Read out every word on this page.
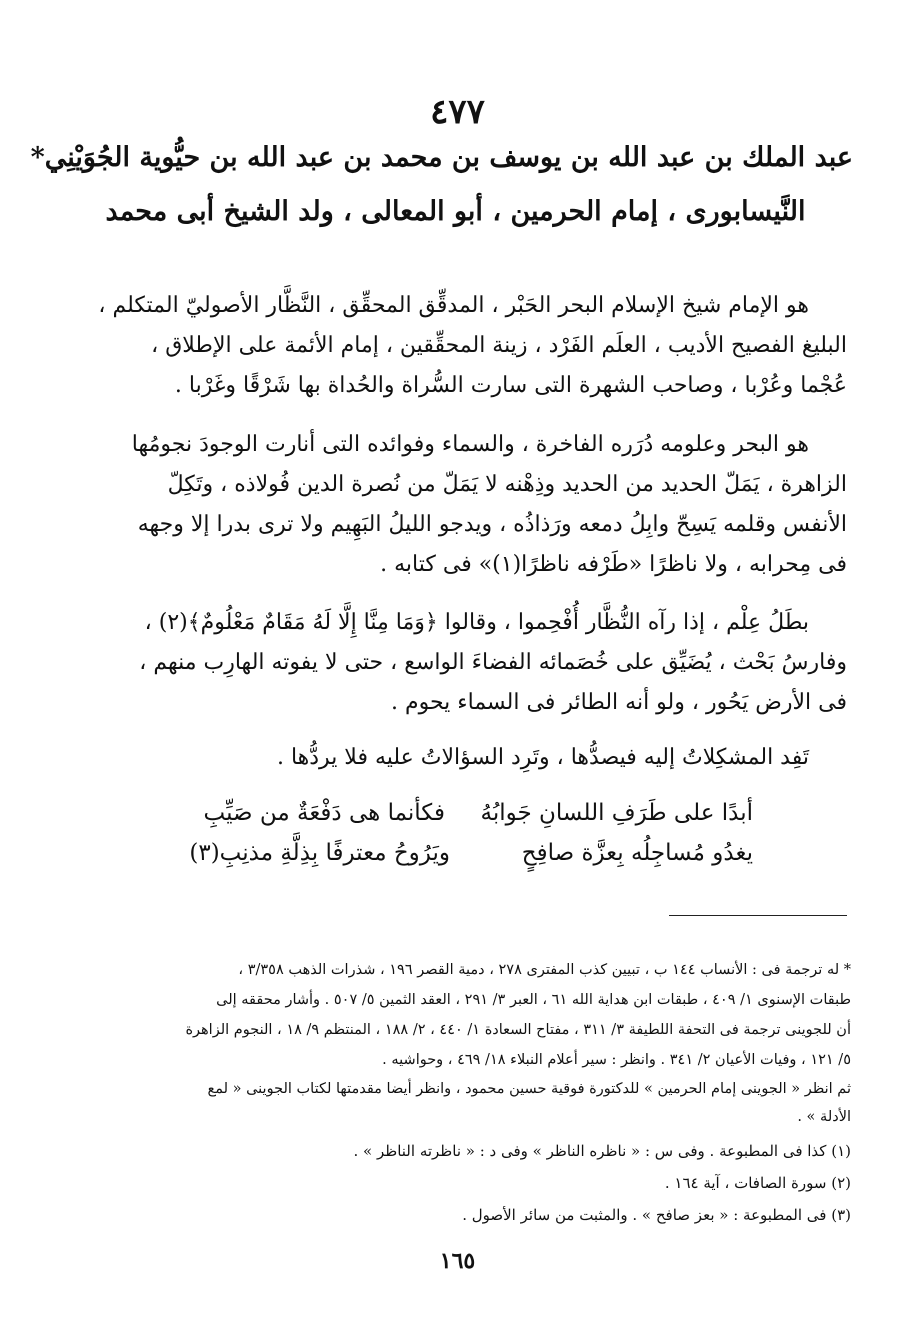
٤٧٧
عبد الملك بن عبد الله بن يوسف بن محمد بن عبد الله بن حيُّوية الجُوَيْنِي*
النَّيسابورى ، إمام الحرمين ، أبو المعالى ، ولد الشيخ أبى محمد
هو الإمام شيخ الإسلام البحر الحَبْر ، المدقِّق المحقِّق ، النَّظَّار الأصوليّ المتكلم ،
البليغ الفصيح الأديب ، العلَم الفَرْد ، زينة المحقِّقين ، إمام الأئمة على الإطلاق ،
عُجْما وعُرْبا ، وصاحب الشهرة التى سارت السُّراة والحُداة بها شَرْقًا وغَرْبا .
هو البحر وعلومه دُرَره الفاخرة ، والسماء وفوائده التى أنارت الوجودَ نجومُها
الزاهرة ، يَمَلّ الحديد من الحديد وذِهْنه لا يَمَلّ من نُصرة الدين فُولاذه ، وتَكِلّ
الأنفس وقلمه يَسِحّ وابِلُ دمعه ورَذاذُه ، ويدجو الليلُ البَهِيم ولا ترى بدرا إلا وجهه
فى مِحرابه ، ولا ناظرًا «طَرْفه ناظرًا(١)» فى كتابه .
بطَلُ عِلْم ، إذا رآه النُّظَّار أُفْحِموا ، وقالوا ﴿وَمَا مِنَّا إِلَّا لَهُ مَقَامٌ مَعْلُومٌ﴾(٢) ،
وفارسُ بَحْث ، يُضَيِّق على خُصَمائه الفضاءَ الواسع ، حتى لا يفوته الهارِب منهم ،
فى الأرض يَحُور ، ولو أنه الطائر فى السماء يحوم .
تَفِد المشكِلاتُ إليه فيصدُّها ، وتَرِد السؤالاتُ عليه فلا يردُّها .
أبدًا على طَرَفِ اللسانِ جَوابُهُ
فكأنما هى دَفْعَةٌ من صَيِّبِ
يغدُو مُساجِلُه بِعزَّة صافِحٍ
ويَرُوحُ معترفًا بِذِلَّةِ مذنِبِ(٣)
* له ترجمة فى : الأنساب ١٤٤ ب ، تبيين كذب المفترى ٢٧٨ ، دمية القصر ١٩٦ ، شذرات الذهب ٣/٣٥٨ ،
طبقات الإسنوى ١/ ٤٠٩ ، طبقات ابن هداية الله ٦١ ، العبر ٣/ ٢٩١ ، العقد الثمين ٥/ ٥٠٧ . وأشار محققه إلى
أن للجوينى ترجمة فى التحفة اللطيفة ٣/ ٣١١ ، مفتاح السعادة ١/ ٤٤٠ ، ٢/ ١٨٨ ، المنتظم ٩/ ١٨ ، النجوم الزاهرة
٥/ ١٢١ ، وفيات الأعيان ٢/ ٣٤١ . وانظر : سير أعلام النبلاء ١٨/ ٤٦٩ ، وحواشيه .
ثم انظر « الجوينى إمام الحرمين » للدكتورة فوقية حسين محمود ، وانظر أيضا مقدمتها لكتاب الجوينى « لمع
الأدلة » .
(١) كذا فى المطبوعة . وفى س : « ناظره الناظر » وفى د : « ناظرته الناظر » .
(٢) سورة الصافات ، آية ١٦٤ .
(٣) فى المطبوعة : « بعز صافح » . والمثبت من سائر الأصول .
١٦٥
